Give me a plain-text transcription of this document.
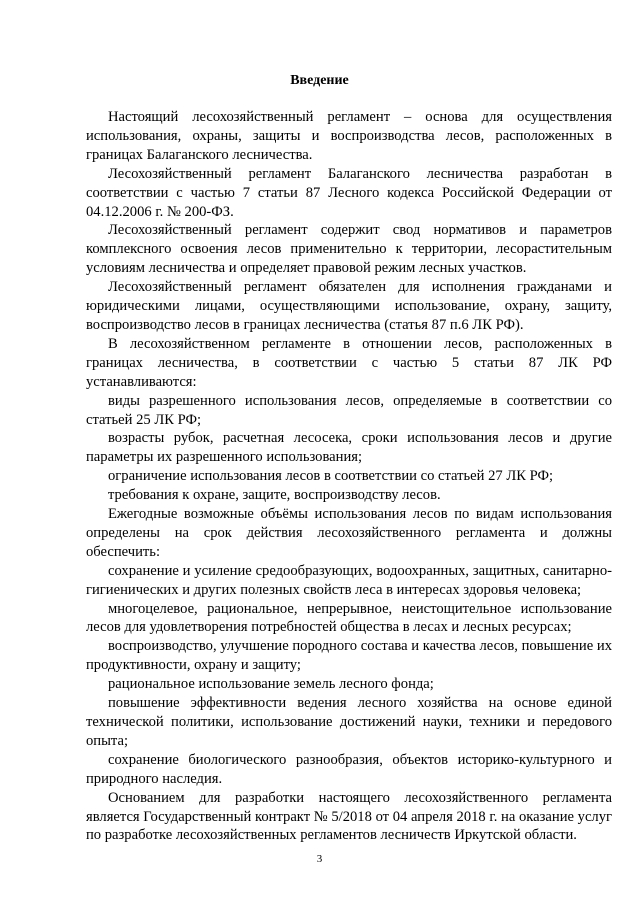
Введение

Настоящий лесохозяйственный регламент – основа для осуществления использования, охраны, защиты и воспроизводства лесов, расположенных в границах Балаганского лесничества.

Лесохозяйственный регламент Балаганского лесничества разработан в соответствии с частью 7 статьи 87 Лесного кодекса Российской Федерации от 04.12.2006 г. № 200-ФЗ.

Лесохозяйственный регламент содержит свод нормативов и параметров комплексного освоения лесов применительно к территории, лесорастительным условиям лесничества и определяет правовой режим лесных участков.

Лесохозяйственный регламент обязателен для исполнения гражданами и юридическими лицами, осуществляющими использование, охрану, защиту, воспроизводство лесов в границах лесничества (статья 87 п.6 ЛК РФ).

В лесохозяйственном регламенте в отношении лесов, расположенных в границах лесничества, в соответствии с частью 5 статьи 87 ЛК РФ устанавливаются:

виды разрешенного использования лесов, определяемые в соответствии со статьей 25 ЛК РФ;

возрасты рубок, расчетная лесосека, сроки использования лесов и другие параметры их разрешенного использования;

ограничение использования лесов в соответствии со статьей 27 ЛК РФ;

требования к охране, защите, воспроизводству лесов.

Ежегодные возможные объёмы использования лесов по видам использования определены на срок действия лесохозяйственного регламента и должны обеспечить:

сохранение и усиление средообразующих, водоохранных, защитных, санитарно-гигиенических и других полезных свойств леса в интересах здоровья человека;

многоцелевое, рациональное, непрерывное, неистощительное использование лесов для удовлетворения потребностей общества в лесах и лесных ресурсах;

воспроизводство, улучшение породного состава и качества лесов, повышение их продуктивности, охрану и защиту;

рациональное использование земель лесного фонда;

повышение эффективности ведения лесного хозяйства на основе единой технической политики, использование достижений науки, техники и передового опыта;

сохранение биологического разнообразия, объектов историко-культурного и природного наследия.

Основанием для разработки настоящего лесохозяйственного регламента является Государственный контракт № 5/2018 от 04 апреля 2018 г. на оказание услуг по разработке лесохозяйственных регламентов лесничеств Иркутской области.

3
